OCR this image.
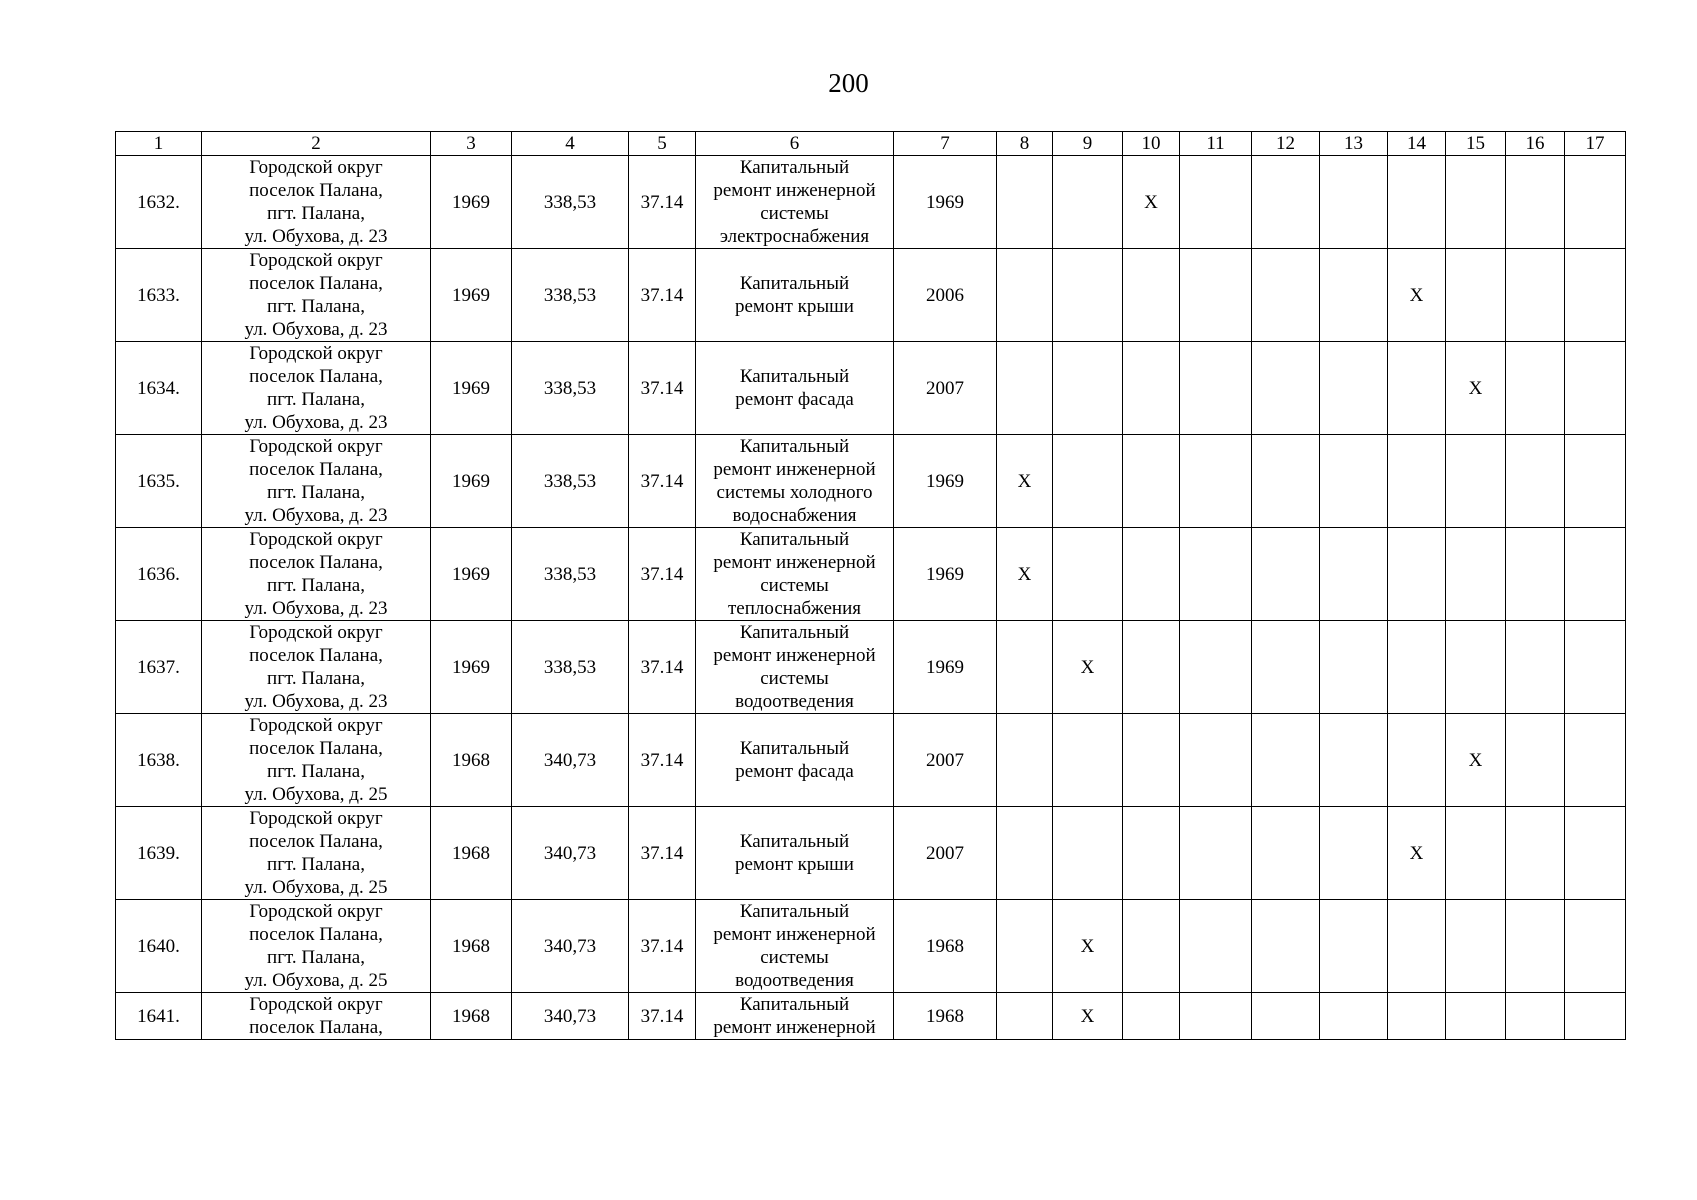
200
1	2	3	4	5	6	7	8	9	10	11	12	13	14	15	16	17
1632.	Городской округ
поселок Палана,
пгт. Палана,
ул. Обухова, д. 23	1969	338,53	37.14	Капитальный
ремонт инженерной
системы
электроснабжения	1969			X							
1633.	Городской округ
поселок Палана,
пгт. Палана,
ул. Обухова, д. 23	1969	338,53	37.14	Капитальный
ремонт крыши	2006							X			
1634.	Городской округ
поселок Палана,
пгт. Палана,
ул. Обухова, д. 23	1969	338,53	37.14	Капитальный
ремонт фасада	2007								X		
1635.	Городской округ
поселок Палана,
пгт. Палана,
ул. Обухова, д. 23	1969	338,53	37.14	Капитальный
ремонт инженерной
системы холодного
водоснабжения	1969	X									
1636.	Городской округ
поселок Палана,
пгт. Палана,
ул. Обухова, д. 23	1969	338,53	37.14	Капитальный
ремонт инженерной
системы
теплоснабжения	1969	X									
1637.	Городской округ
поселок Палана,
пгт. Палана,
ул. Обухова, д. 23	1969	338,53	37.14	Капитальный
ремонт инженерной
системы
водоотведения	1969		X								
1638.	Городской округ
поселок Палана,
пгт. Палана,
ул. Обухова, д. 25	1968	340,73	37.14	Капитальный
ремонт фасада	2007								X		
1639.	Городской округ
поселок Палана,
пгт. Палана,
ул. Обухова, д. 25	1968	340,73	37.14	Капитальный
ремонт крыши	2007							X			
1640.	Городской округ
поселок Палана,
пгт. Палана,
ул. Обухова, д. 25	1968	340,73	37.14	Капитальный
ремонт инженерной
системы
водоотведения	1968		X								
1641.	Городской округ
поселок Палана,	1968	340,73	37.14	Капитальный
ремонт инженерной	1968		X								
